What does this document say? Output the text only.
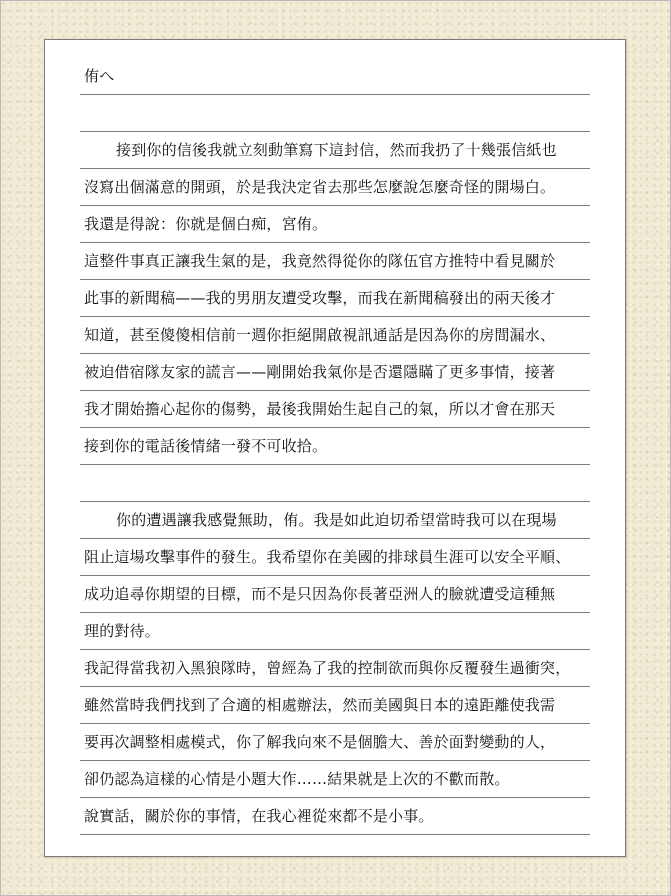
侑へ
接到你的信後我就立刻動筆寫下這封信，然而我扔了十幾張信紙也
沒寫出個滿意的開頭，於是我決定省去那些怎麼說怎麼奇怪的開場白。
我還是得說：你就是個白痴，宮侑。
這整件事真正讓我生氣的是，我竟然得從你的隊伍官方推特中看見關於
此事的新聞稿——我的男朋友遭受攻擊，而我在新聞稿發出的兩天後才
知道，甚至傻傻相信前一週你拒絕開啟視訊通話是因為你的房間漏水、
被迫借宿隊友家的謊言——剛開始我氣你是否還隱瞞了更多事情，接著
我才開始擔心起你的傷勢，最後我開始生起自己的氣，所以才會在那天
接到你的電話後情緒一發不可收拾。
你的遭遇讓我感覺無助，侑。我是如此迫切希望當時我可以在現場
阻止這場攻擊事件的發生。我希望你在美國的排球員生涯可以安全平順、
成功追尋你期望的目標，而不是只因為你長著亞洲人的臉就遭受這種無
理的對待。
我記得當我初入黑狼隊時，曾經為了我的控制欲而與你反覆發生過衝突，
雖然當時我們找到了合適的相處辦法，然而美國與日本的遠距離使我需
要再次調整相處模式，你了解我向來不是個膽大、善於面對變動的人，
卻仍認為這樣的心情是小題大作……結果就是上次的不歡而散。
說實話，關於你的事情，在我心裡從來都不是小事。
